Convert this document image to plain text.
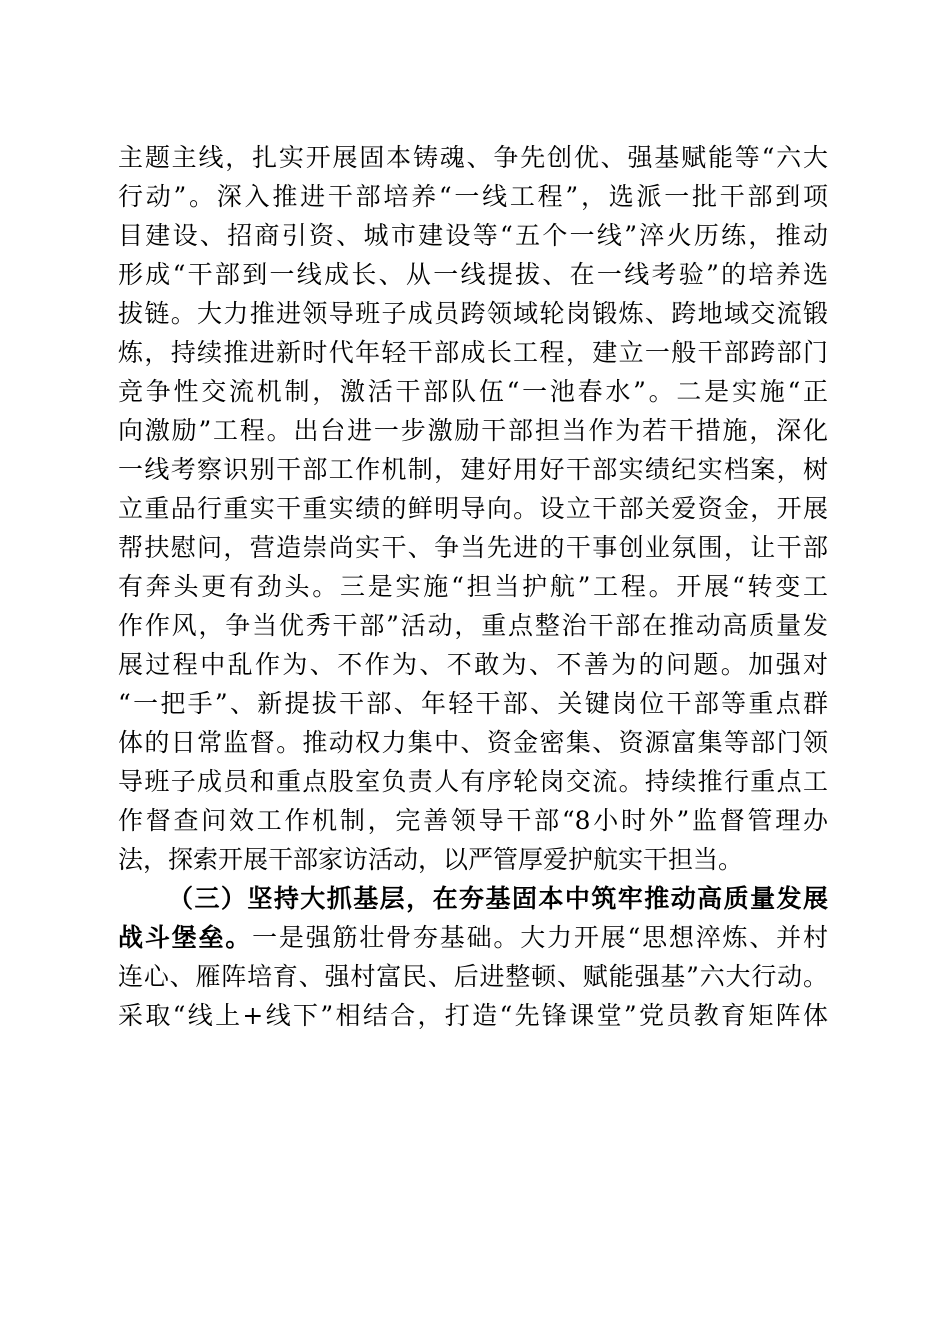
主题主线，扎实开展固本铸魂、争先创优、强基赋能等“六大
行动”。深入推进干部培养“一线工程”，选派一批干部到项
目建设、招商引资、城市建设等“五个一线”淬火历练，推动
形成“干部到一线成长、从一线提拔、在一线考验”的培养选
拔链。大力推进领导班子成员跨领域轮岗锻炼、跨地域交流锻
炼，持续推进新时代年轻干部成长工程，建立一般干部跨部门
竞争性交流机制，激活干部队伍“一池春水”。二是实施“正
向激励”工程。出台进一步激励干部担当作为若干措施，深化
一线考察识别干部工作机制，建好用好干部实绩纪实档案，树
立重品行重实干重实绩的鲜明导向。设立干部关爱资金，开展
帮扶慰问，营造崇尚实干、争当先进的干事创业氛围，让干部
有奔头更有劲头。三是实施“担当护航”工程。开展“转变工
作作风，争当优秀干部”活动，重点整治干部在推动高质量发
展过程中乱作为、不作为、不敢为、不善为的问题。加强对
“一把手”、新提拔干部、年轻干部、关键岗位干部等重点群
体的日常监督。推动权力集中、资金密集、资源富集等部门领
导班子成员和重点股室负责人有序轮岗交流。持续推行重点工
作督查问效工作机制，完善领导干部“8小时外”监督管理办
法，探索开展干部家访活动，以严管厚爱护航实干担当。
（三）坚持大抓基层，在夯基固本中筑牢推动高质量发展
战斗堡垒。一是强筋壮骨夯基础。大力开展“思想淬炼、并村
连心、雁阵培育、强村富民、后进整顿、赋能强基”六大行动。
采取“线上+线下”相结合，打造“先锋课堂”党员教育矩阵体
